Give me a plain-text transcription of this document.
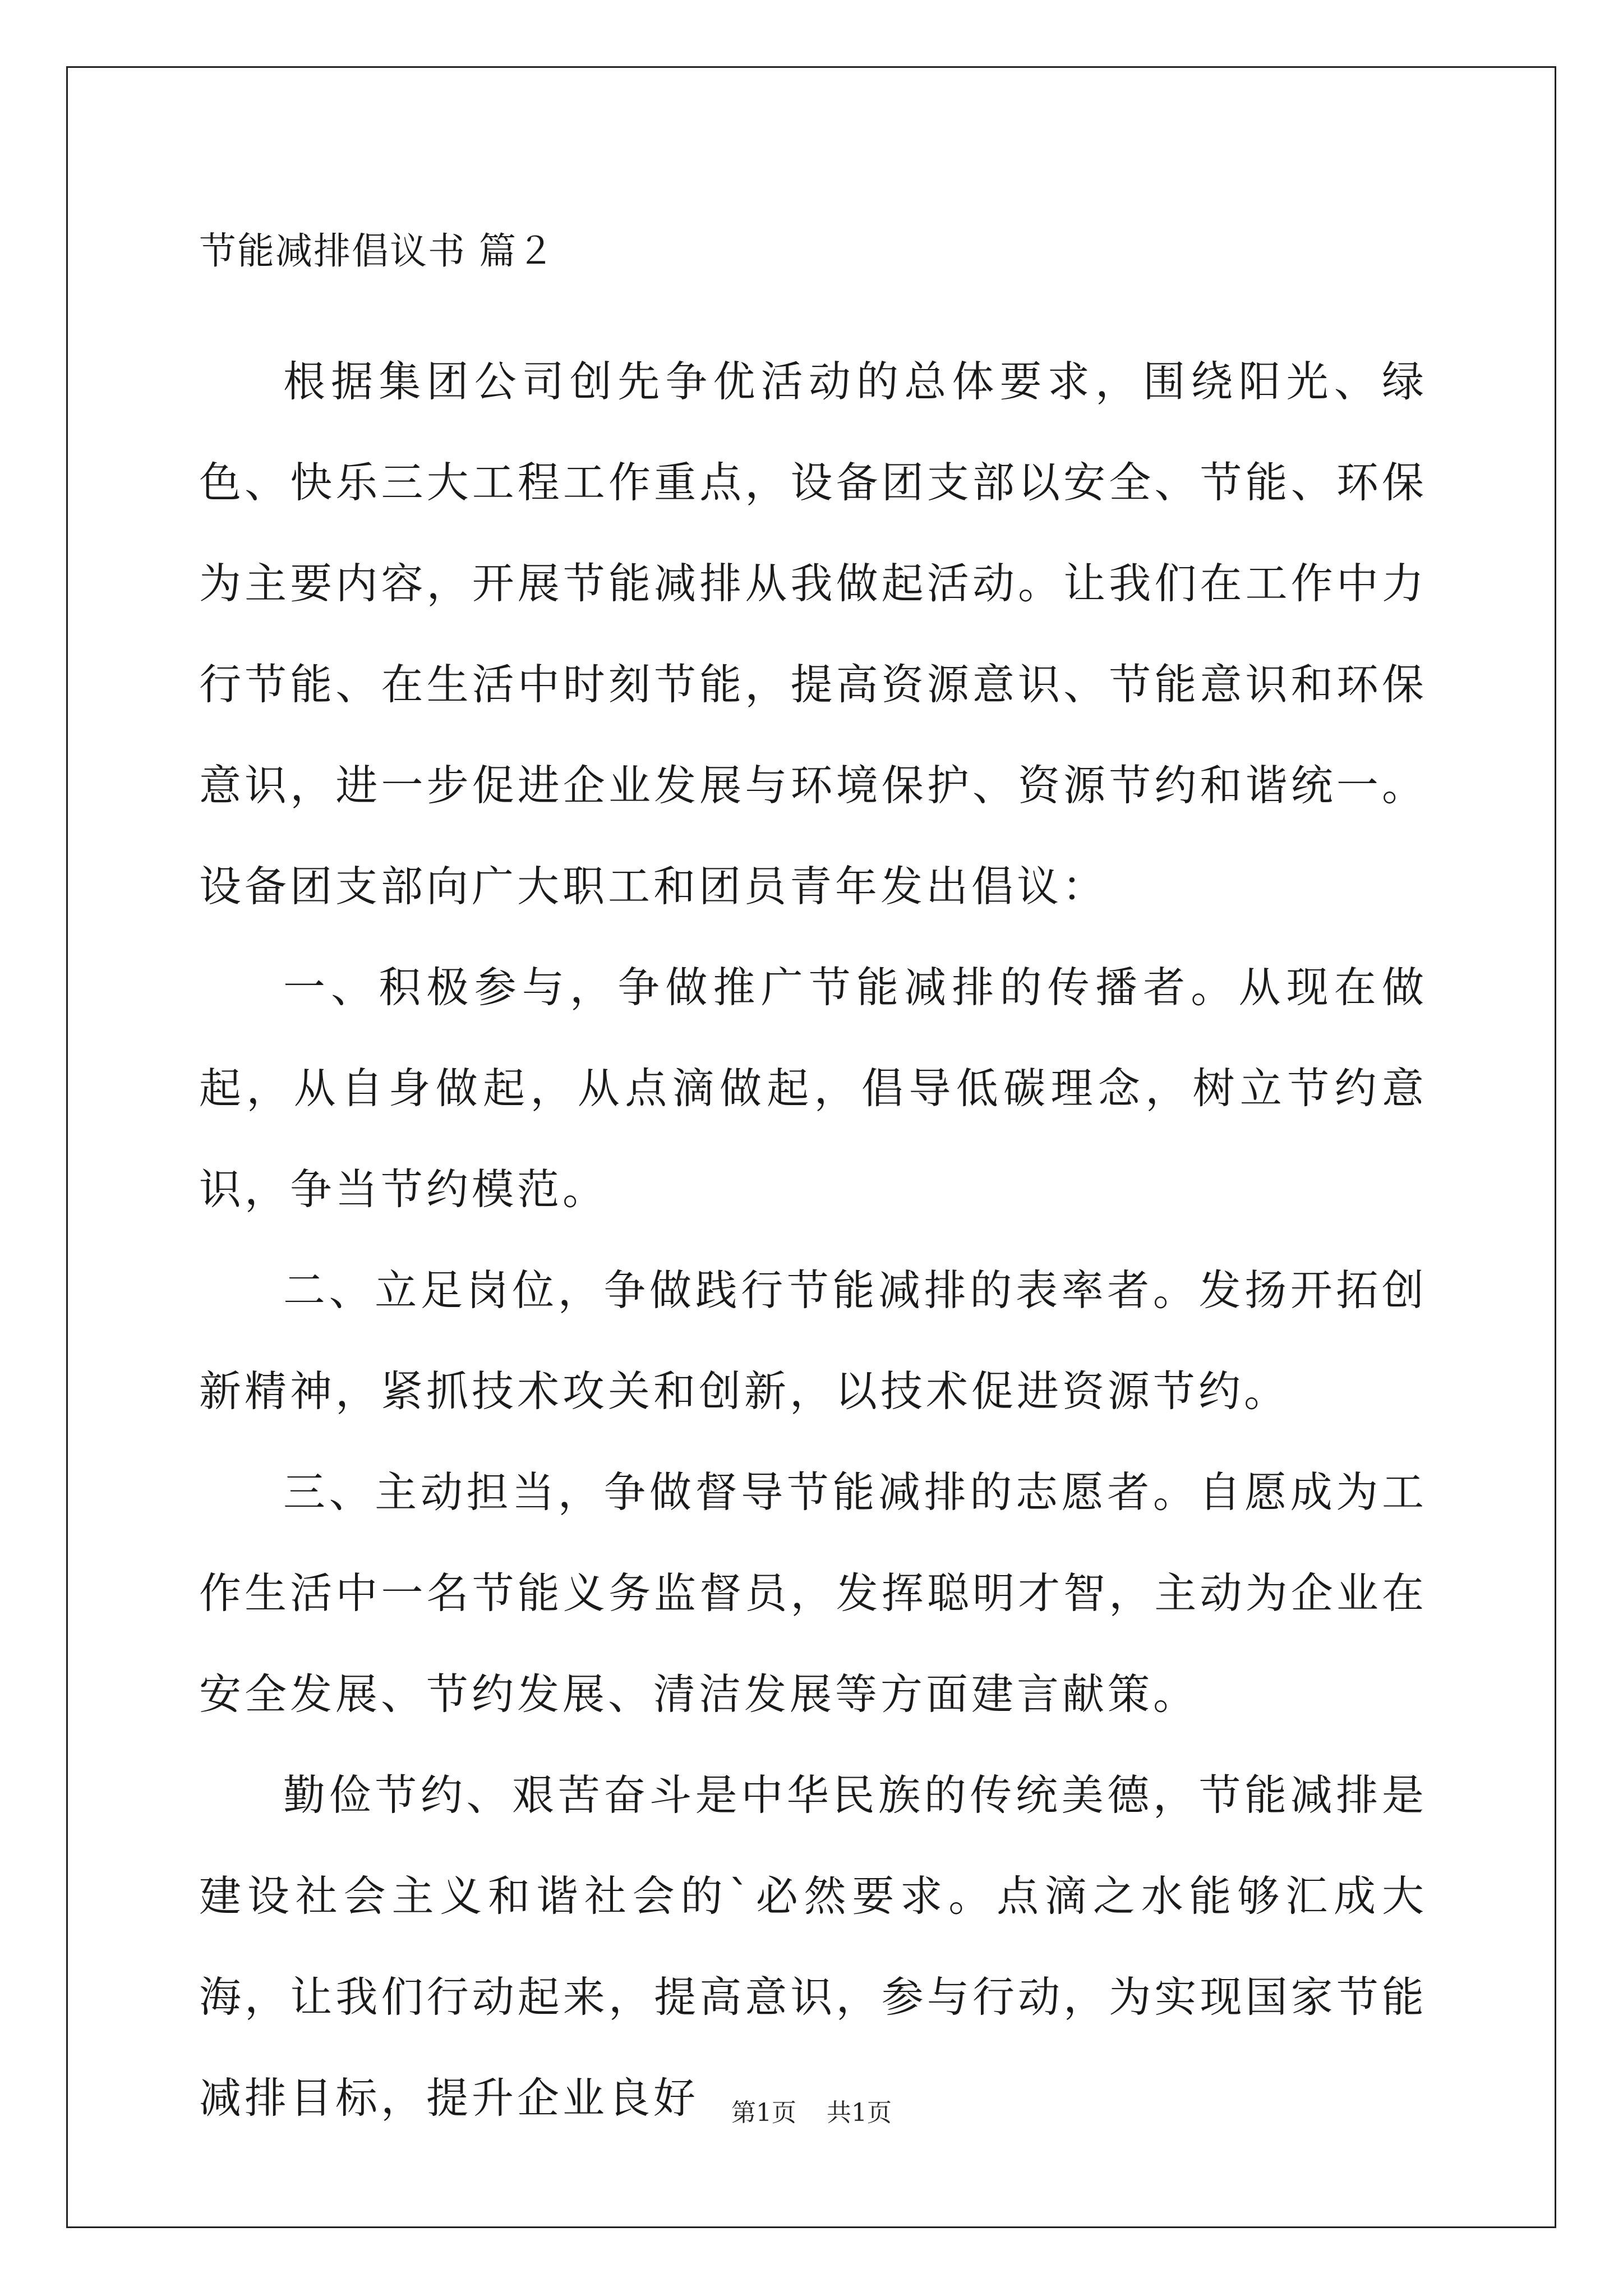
节能减排倡议书 篇２

根据集团公司创先争优活动的总体要求，围绕阳光、绿色、快乐三大工程工作重点，设备团支部以安全、节能、环保为主要内容，开展节能减排从我做起活动。让我们在工作中力行节能、在生活中时刻节能，提高资源意识、节能意识和环保意识，进一步促进企业发展与环境保护、资源节约和谐统一。设备团支部向广大职工和团员青年发出倡议：

一、积极参与，争做推广节能减排的传播者。从现在做起，从自身做起，从点滴做起，倡导低碳理念，树立节约意识，争当节约模范。

二、立足岗位，争做践行节能减排的表率者。发扬开拓创新精神，紧抓技术攻关和创新，以技术促进资源节约。

三、主动担当，争做督导节能减排的志愿者。自愿成为工作生活中一名节能义务监督员，发挥聪明才智，主动为企业在安全发展、节约发展、清洁发展等方面建言献策。

勤俭节约、艰苦奋斗是中华民族的传统美德，节能减排是建设社会主义和谐社会的`必然要求。点滴之水能够汇成大海，让我们行动起来，提高意识，参与行动，为实现国家节能减排目标，提升企业良好	第1页 共1页
